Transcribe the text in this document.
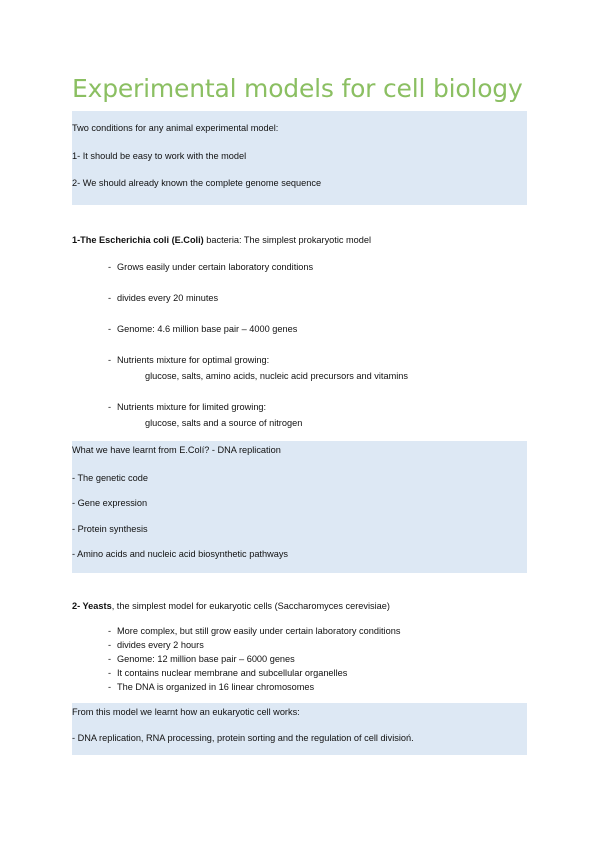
Experimental models for cell biology
Two conditions for any animal experimental model:
1- It should be easy to work with the model
2- We should already known the complete genome sequence
1-The Escherichia coli (E.Coli) bacteria: The simplest prokaryotic model
- Grows easily under certain laboratory conditions
- divides every 20 minutes
- Genome: 4.6 million base pair – 4000 genes
- Nutrients mixture for optimal growing:
glucose, salts, amino acids, nucleic acid precursors and vitamins
- Nutrients mixture for limited growing:
glucose, salts and a source of nitrogen
What we have learnt from E.Colí? - DNA replication
- The genetic code
- Gene expression
- Protein synthesis
- Amino acids and nucleic acid biosynthetic pathways
2- Yeasts, the simplest model for eukaryotic cells (Saccharomyces cerevisiae)
- More complex, but still grow easily under certain laboratory conditions
- divides every 2 hours
- Genome: 12 million base pair – 6000 genes
- It contains nuclear membrane and subcellular organelles
- The DNA is organized in 16 linear chromosomes
From this model we learnt how an eukaryotic cell works:
- DNA replication, RNA processing, protein sorting and the regulation of cell divisioń.
